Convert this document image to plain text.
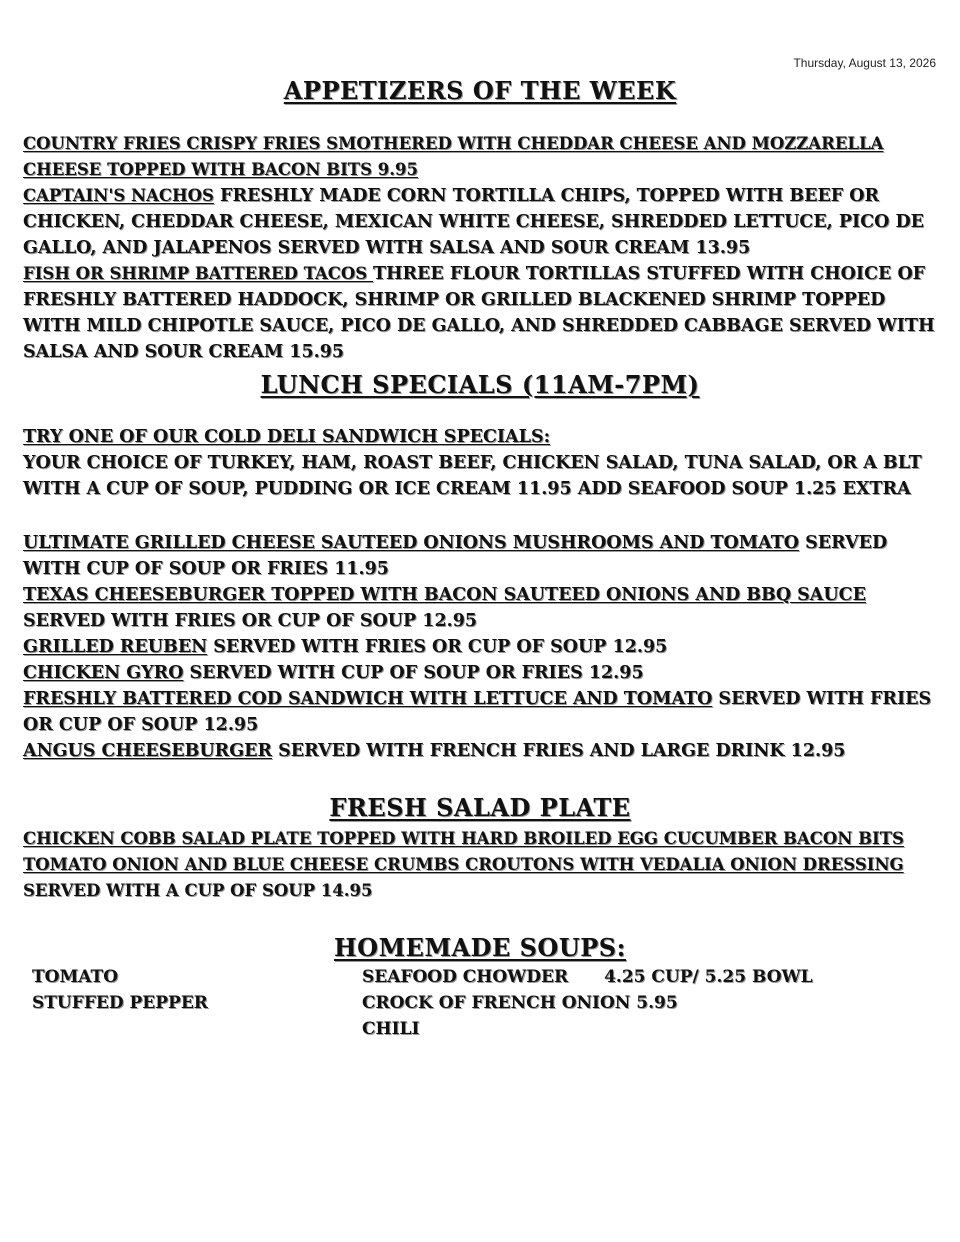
Thursday, August 13, 2026
APPETIZERS OF THE WEEK
COUNTRY FRIES CRISPY FRIES SMOTHERED WITH CHEDDAR CHEESE AND MOZZARELLA CHEESE TOPPED WITH BACON BITS 9.95
CAPTAIN'S NACHOS FRESHLY MADE CORN TORTILLA CHIPS, TOPPED WITH BEEF OR CHICKEN, CHEDDAR CHEESE, MEXICAN WHITE CHEESE, SHREDDED LETTUCE, PICO DE GALLO, AND JALAPENOS SERVED WITH SALSA AND SOUR CREAM 13.95
FISH OR SHRIMP BATTERED TACOS THREE FLOUR TORTILLAS STUFFED WITH CHOICE OF FRESHLY BATTERED HADDOCK, SHRIMP OR GRILLED BLACKENED SHRIMP TOPPED WITH MILD CHIPOTLE SAUCE, PICO DE GALLO, AND SHREDDED CABBAGE SERVED WITH SALSA AND SOUR CREAM 15.95
LUNCH SPECIALS (11AM-7PM)
TRY ONE OF OUR COLD DELI SANDWICH SPECIALS:
YOUR CHOICE OF TURKEY, HAM, ROAST BEEF, CHICKEN SALAD, TUNA SALAD, OR A BLT WITH A CUP OF SOUP, PUDDING OR ICE CREAM 11.95 ADD SEAFOOD SOUP 1.25 EXTRA
ULTIMATE GRILLED CHEESE SAUTEED ONIONS MUSHROOMS AND TOMATO SERVED WITH CUP OF SOUP OR FRIES 11.95
TEXAS CHEESEBURGER TOPPED WITH BACON SAUTEED ONIONS AND BBQ SAUCE SERVED WITH FRIES OR CUP OF SOUP 12.95
GRILLED REUBEN SERVED WITH FRIES OR CUP OF SOUP 12.95
CHICKEN GYRO SERVED WITH CUP OF SOUP OR FRIES 12.95
FRESHLY BATTERED COD SANDWICH WITH LETTUCE AND TOMATO SERVED WITH FRIES OR CUP OF SOUP 12.95
ANGUS CHEESEBURGER SERVED WITH FRENCH FRIES AND LARGE DRINK 12.95
FRESH SALAD PLATE
CHICKEN COBB SALAD PLATE TOPPED WITH HARD BROILED EGG CUCUMBER BACON BITS TOMATO ONION AND BLUE CHEESE CRUMBS CROUTONS WITH VEDALIA ONION DRESSING SERVED WITH A CUP OF SOUP 14.95
HOMEMADE SOUPS:
TOMATO
STUFFED PEPPER
SEAFOOD CHOWDER 4.25 CUP/ 5.25 BOWL
CROCK OF FRENCH ONION 5.95
CHILI
